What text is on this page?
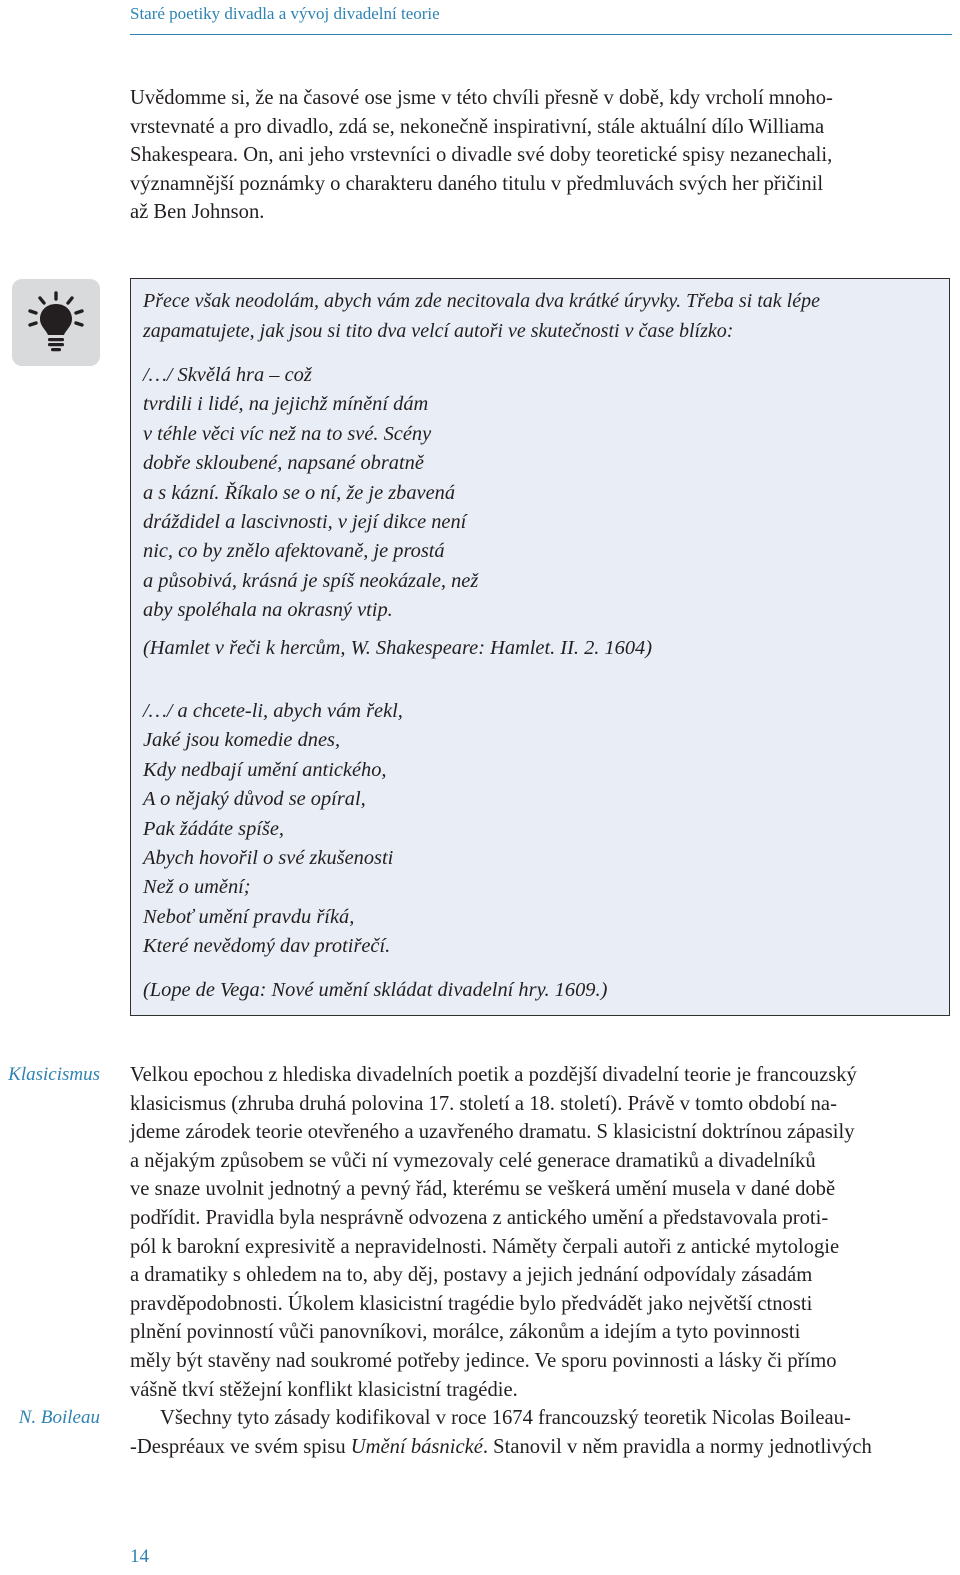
Staré poetiky divadla a vývoj divadelní teorie
Uvědomme si, že na časové ose jsme v této chvíli přesně v době, kdy vrcholí mnoho-
vrstevnaté a pro divadlo, zdá se, nekonečně inspirativní, stále aktuální dílo Williama
Shakespeara. On, ani jeho vrstevníci o divadle své doby teoretické spisy nezanechali,
významnější poznámky o charakteru daného titulu v předmluvách svých her přičinil
až Ben Johnson.
Přece však neodolám, abych vám zde necitovala dva krátké úryvky. Třeba si tak lépe
zapamatujete, jak jsou si tito dva velcí autoři ve skutečnosti v čase blízko:
/…/ Skvělá hra – což
tvrdili i lidé, na jejichž mínění dám
v téhle věci víc než na to své. Scény
dobře skloubené, napsané obratně
a s kázní. Říkalo se o ní, že je zbavená
dráždidel a lascivnosti, v její dikce není
nic, co by znělo afektovaně, je prostá
a působivá, krásná je spíš neokázale, než
aby spoléhala na okrasný vtip.
(Hamlet v řeči k hercům, W. Shakespeare: Hamlet. II. 2. 1604)
/…/ a chcete-li, abych vám řekl,
Jaké jsou komedie dnes,
Kdy nedbají umění antického,
A o nějaký důvod se opíral,
Pak žádáte spíše,
Abych hovořil o své zkušenosti
Než o umění;
Neboť umění pravdu říká,
Které nevědomý dav protiřečí.
(Lope de Vega: Nové umění skládat divadelní hry. 1609.)
Klasicismus
N. Boileau
Velkou epochou z hlediska divadelních poetik a pozdější divadelní teorie je francouzský
klasicismus (zhruba druhá polovina 17. století a 18. století). Právě v tomto období na-
jdeme zárodek teorie otevřeného a uzavřeného dramatu. S klasicistní doktrínou zápasily
a nějakým způsobem se vůči ní vymezovaly celé generace dramatiků a divadelníků
ve snaze uvolnit jednotný a pevný řád, kterému se veškerá umění musela v dané době
podřídit. Pravidla byla nesprávně odvozena z antického umění a představovala proti-
pól k barokní expresivitě a nepravidelnosti. Náměty čerpali autoři z antické mytologie
a dramatiky s ohledem na to, aby děj, postavy a jejich jednání odpovídaly zásadám
pravděpodobnosti. Úkolem klasicistní tragédie bylo předvádět jako největší ctnosti
plnění povinností vůči panovníkovi, morálce, zákonům a idejím a tyto povinnosti
měly být stavěny nad soukromé potřeby jedince. Ve sporu povinnosti a lásky či přímo
vášně tkví stěžejní konflikt klasicistní tragédie.
Všechny tyto zásady kodifikoval v roce 1674 francouzský teoretik Nicolas Boileau-
-Despréaux ve svém spisu Umění básnické. Stanovil v něm pravidla a normy jednotlivých
14
